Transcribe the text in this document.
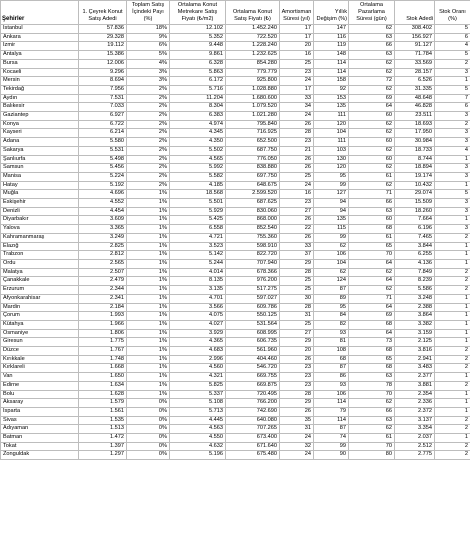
Şehirler	1. Çeyrek Konut Satış Adedi	Toplam Satış İçindeki Payı (%)	Ortalama Konut Metrekare Satış Fiyatı (₺/m2)	Ortalama Konut Satış Fiyatı (₺)	Amortisman Süresi (yıl)	Yıllık Değişim (%)	Ortalama Pazarlama Süresi (gün)	Stok Adedi	Stok Oranı (%)
İstanbul	57.836	18%	12.102	1.452.240	17	147	62	308.402	5
Ankara	29.328	9%	5.352	722.520	17	116	63	156.927	6
İzmir	19.112	6%	9.448	1.228.240	20	119	66	91.127	4
Antalya	15.386	5%	9.861	1.232.625	16	148	63	71.784	5
Bursa	12.006	4%	6.328	854.280	25	114	62	33.569	2
Kocaeli	9.296	3%	5.863	779.779	23	114	62	28.157	3
Mersin	8.694	3%	6.172	925.800	24	158	72	6.526	1
Tekirdağ	7.956	2%	5.716	1.028.880	17	92	62	31.335	5
Aydın	7.531	2%	11.204	1.680.600	33	153	69	48.648	7
Balıkesir	7.033	2%	8.304	1.079.520	34	135	64	46.828	6
Gaziantep	6.927	2%	6.383	1.021.280	24	111	60	23.511	3
Konya	6.722	2%	4.974	795.840	26	120	62	18.693	2
Kayseri	6.214	2%	4.345	716.925	28	104	62	17.950	3
Adana	5.580	2%	4.350	652.500	23	111	60	30.984	3
Sakarya	5.531	2%	5.502	687.750	21	103	62	18.733	4
Şanlıurfa	5.498	2%	4.565	776.050	26	130	60	8.744	1
Samsun	5.456	2%	5.992	838.880	26	120	62	18.894	3
Manisa	5.224	2%	5.582	697.750	25	95	61	19.174	3
Hatay	5.192	2%	4.185	648.675	24	99	62	10.432	1
Muğla	4.696	1%	18.568	2.599.520	16	127	71	29.074	5
Eskişehir	4.552	1%	5.501	687.625	23	94	66	15.509	3
Denizli	4.454	1%	5.929	830.060	27	94	63	18.260	3
Diyarbakır	3.609	1%	5.425	868.000	26	135	60	7.664	1
Yalova	3.365	1%	6.558	852.540	22	115	68	6.196	3
Kahramanmaraş	3.249	1%	4.721	755.360	26	99	61	7.465	2
Elazığ	2.825	1%	3.523	598.910	33	62	65	3.844	1
Trabzon	2.812	1%	5.142	822.720	37	106	70	6.255	1
Ordu	2.565	1%	5.244	707.940	29	104	64	4.136	1
Malatya	2.507	1%	4.014	678.366	28	62	62	7.849	2
Çanakkale	2.479	1%	8.135	976.200	25	124	64	8.239	2
Erzurum	2.344	1%	3.135	517.275	25	87	62	5.586	2
Afyonkarahisar	2.341	1%	4.701	597.027	30	89	71	3.248	1
Mardin	2.184	1%	3.566	609.786	28	95	64	2.388	1
Çorum	1.993	1%	4.075	550.125	31	84	69	3.864	1
Kütahya	1.966	1%	4.027	531.564	25	82	68	3.382	1
Osmaniye	1.806	1%	3.929	608.995	27	93	64	3.159	1
Giresun	1.775	1%	4.365	606.735	29	81	73	2.125	1
Düzce	1.767	1%	4.683	561.960	20	108	68	3.816	2
Kırıkkale	1.748	1%	2.996	404.460	26	68	65	2.941	2
Kırklareli	1.668	1%	4.560	546.720	23	87	68	3.483	2
Van	1.650	1%	4.321	669.755	23	86	63	2.377	1
Edirne	1.634	1%	5.825	669.875	23	93	78	3.881	2
Bolu	1.628	1%	5.337	720.495	28	106	70	2.354	1
Aksaray	1.579	0%	5.108	766.200	29	114	62	2.336	1
Isparta	1.561	0%	5.713	742.690	26	79	66	2.372	1
Sivas	1.535	0%	4.445	640.080	35	114	63	3.137	2
Adıyaman	1.513	0%	4.563	707.265	31	87	62	3.354	2
Batman	1.472	0%	4.550	673.400	24	74	61	2.037	1
Tokat	1.397	0%	4.632	671.640	32	99	70	2.512	2
Zonguldak	1.297	0%	5.196	675.480	24	90	80	2.775	2
